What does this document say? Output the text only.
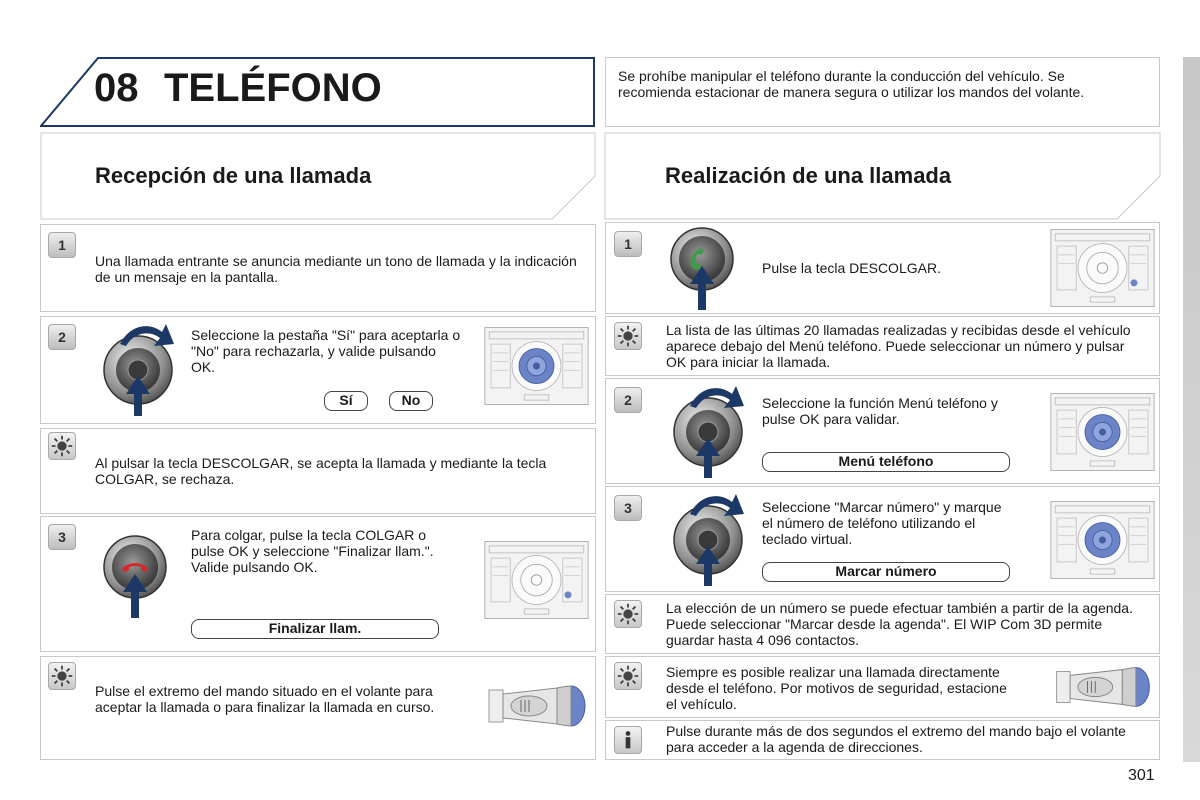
08 TELÉFONO	Se prohíbe manipular el teléfono durante la conducción del vehículo. Se recomienda estacionar de manera segura o utilizar los mandos del volante.
Recepción de una llamada
1
Una llamada entrante se anuncia mediante un tono de llamada y la indicación de un mensaje en la pantalla.
2	Seleccione la pestaña "Sí" para aceptarla o "No" para rechazarla, y valide pulsando OK.
Sí	No
Al pulsar la tecla DESCOLGAR, se acepta la llamada y mediante la tecla COLGAR, se rechaza.
3	Para colgar, pulse la tecla COLGAR o pulse OK y seleccione "Finalizar llam.". Valide pulsando OK.
Finalizar llam.
Pulse el extremo del mando situado en el volante para aceptar la llamada o para finalizar la llamada en curso.
Realización de una llamada
1
Pulse la tecla DESCOLGAR.
La lista de las últimas 20 llamadas realizadas y recibidas desde el vehículo aparece debajo del Menú teléfono. Puede seleccionar un número y pulsar OK para iniciar la llamada.
2	Seleccione la función Menú teléfono y pulse OK para validar.
Menú teléfono
3	Seleccione "Marcar número" y marque el número de teléfono utilizando el teclado virtual.
Marcar número
La elección de un número se puede efectuar también a partir de la agenda. Puede seleccionar "Marcar desde la agenda". El WIP Com 3D permite guardar hasta 4 096 contactos.
Siempre es posible realizar una llamada directamente desde el teléfono. Por motivos de seguridad, estacione el vehículo.
Pulse durante más de dos segundos el extremo del mando bajo el volante para acceder a la agenda de direcciones.
301
